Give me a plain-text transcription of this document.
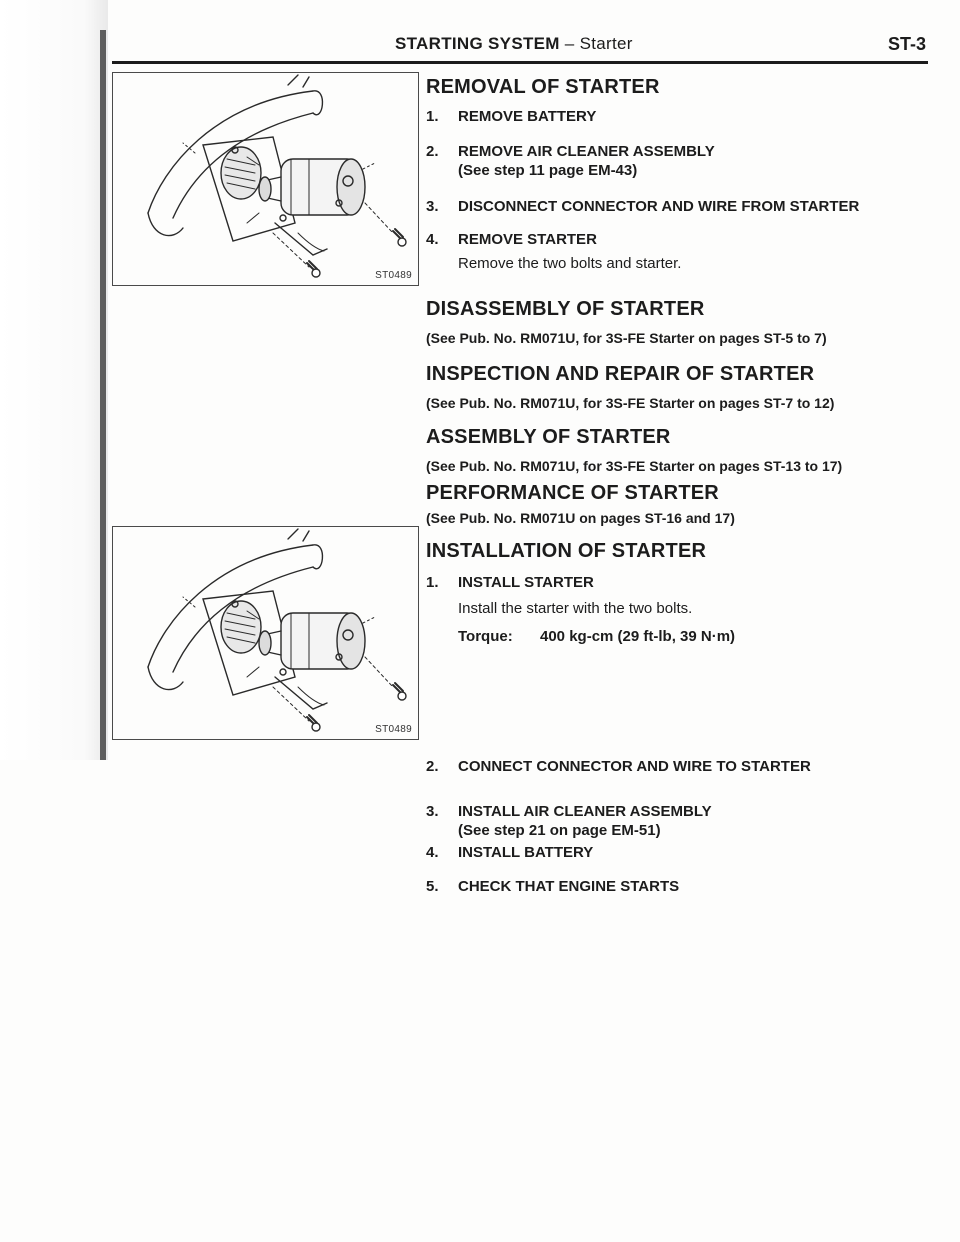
STARTING SYSTEM – Starter	ST-3
ST0489
ST0489
REMOVAL OF STARTER
1. REMOVE BATTERY
2. REMOVE AIR CLEANER ASSEMBLY
(See step 11 page EM-43)
3. DISCONNECT CONNECTOR AND WIRE FROM STARTER
4. REMOVE STARTER
Remove the two bolts and starter.
DISASSEMBLY OF STARTER
(See Pub. No. RM071U, for 3S-FE Starter on pages ST-5 to 7)
INSPECTION AND REPAIR OF STARTER
(See Pub. No. RM071U, for 3S-FE Starter on pages ST-7 to 12)
ASSEMBLY OF STARTER
(See Pub. No. RM071U, for 3S-FE Starter on pages ST-13 to 17)
PERFORMANCE OF STARTER
(See Pub. No. RM071U on pages ST-16 and 17)
INSTALLATION OF STARTER
1. INSTALL STARTER
Install the starter with the two bolts.
Torque: 400 kg-cm (29 ft-lb, 39 N·m)
2. CONNECT CONNECTOR AND WIRE TO STARTER
3. INSTALL AIR CLEANER ASSEMBLY
(See step 21 on page EM-51)
4. INSTALL BATTERY
5. CHECK THAT ENGINE STARTS
